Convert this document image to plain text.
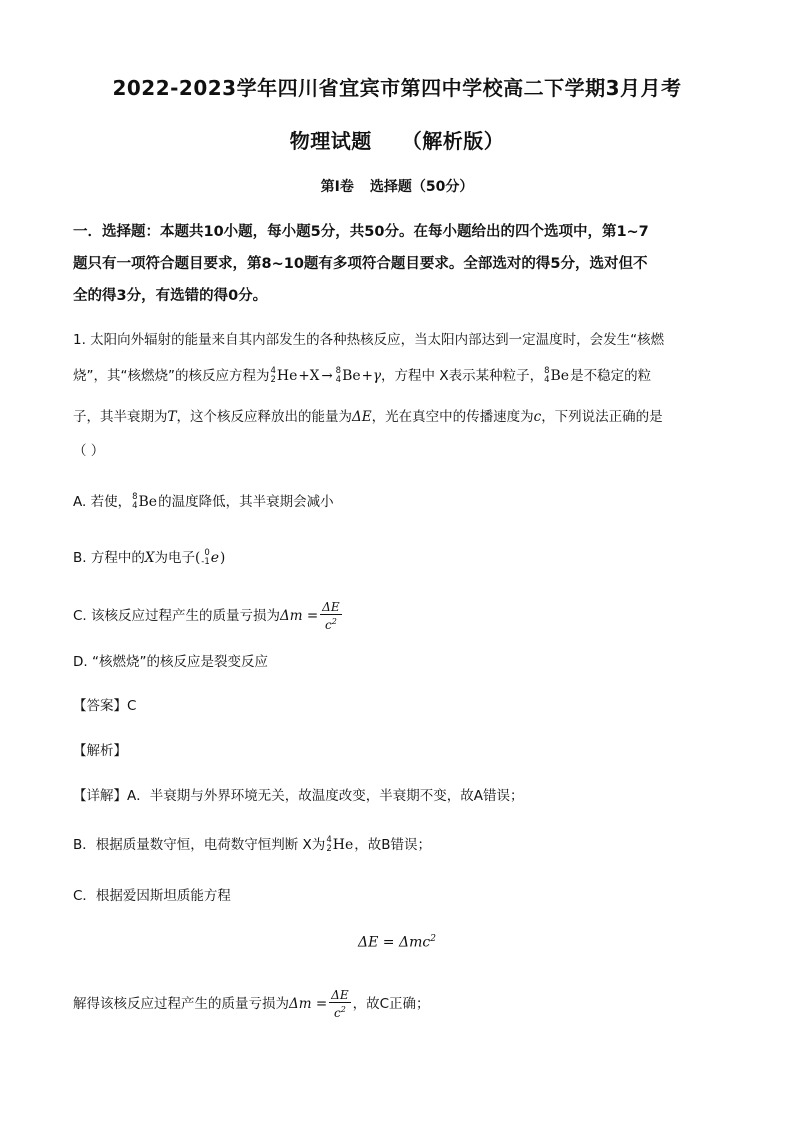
2022-2023学年四川省宜宾市第四中学校高二下学期3月月考
物理试题 （解析版）
第I卷 选择题（50分）
一．选择题：本题共10小题，每小题5分，共50分。在每小题给出的四个选项中，第1~7
题只有一项符合题目要求，第8~10题有多项符合题目要求。全部选对的得5分，选对但不
全的得3分，有选错的得0分。
1. 太阳向外辐射的能量来自其内部发生的各种热核反应，当太阳内部达到一定温度时，会发生“核燃
烧”，其“核燃烧”的核反应方程为 4
2 He +X → 8
4 Be +γ，方程中 X表示某种粒子， 8
4 Be 是不稳定的粒
子，其半衰期为T，这个核反应释放出的能量为ΔE，光在真空中的传播速度为c，下列说法正确的是
（ ）
A. 若使， 8
4 Be 的温度降低，其半衰期会减小
B. 方程中的X为电子( 0
-1 e )
C. 该核反应过程产生的质量亏损为$\Delta m = \frac{\Delta E}{c^2}$
D. “核燃烧”的核反应是裂变反应
【答案】C
【解析】
【详解】A．半衰期与外界环境无关，故温度改变，半衰期不变，故A错误；
B．根据质量数守恒，电荷数守恒判断 X为 4
2 He ，故B错误；
C．根据爱因斯坦质能方程
ΔE = Δmc$^2$
解得该核反应过程产生的质量亏损为$\Delta m = \frac{\Delta E}{c^2}$ ，故C正确；
